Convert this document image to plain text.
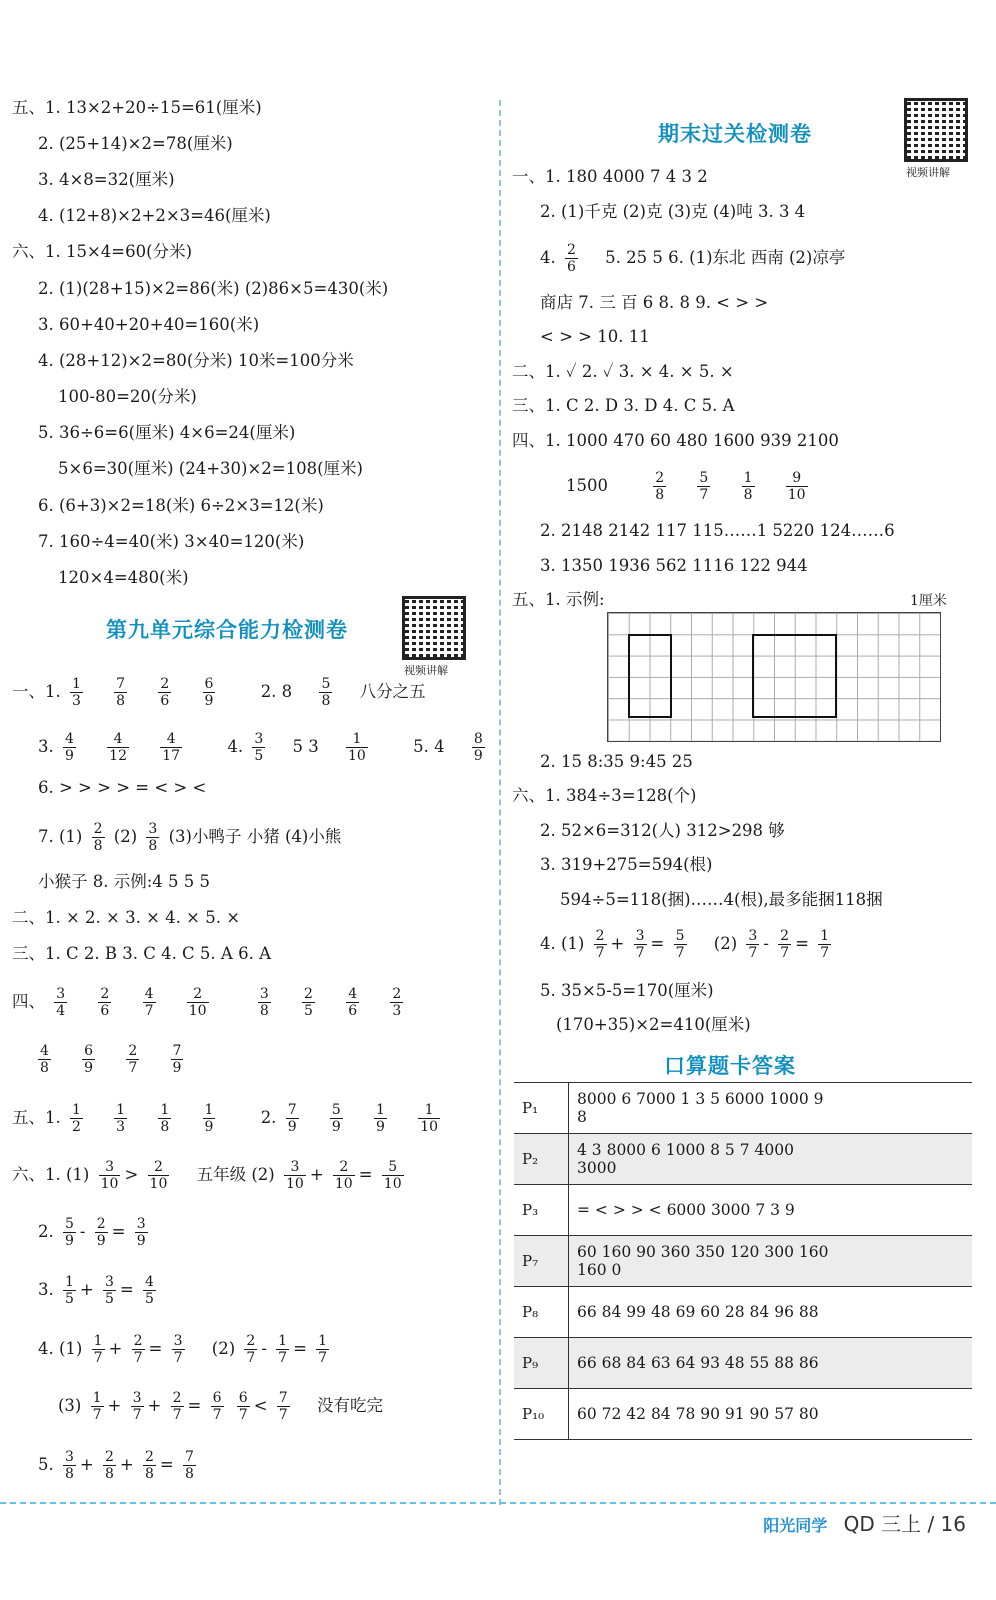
五、1. 13×2+20÷15=61(厘米)
2. (25+14)×2=78(厘米)
3. 4×8=32(厘米)
4. (12+8)×2+2×3=46(厘米)
六、1. 15×4=60(分米)
2. (1)(28+15)×2=86(米) (2)86×5=430(米)
3. 60+40+20+40=160(米)
4. (28+12)×2=80(分米) 10米=100分米
100-80=20(分米)
5. 36÷6=6(厘米) 4×6=24(厘米)
5×6=30(厘米) (24+30)×2=108(厘米)
6. (6+3)×2=18(米) 6÷2×3=12(米)
7. 160÷4=40(米) 3×40=120(米)
120×4=480(米)
第九单元综合能力检测卷
视频讲解
一、1. $\frac{1}{3}$
$\frac{7}{8}$
$\frac{2}{6}$
$\frac{6}{9}$	2. $8 \frac{5}{8}$ 八分之五
3. $\frac{4}{9}$
$\frac{4}{12}$
$\frac{4}{17}$	4. $\frac{3}{5} 5$ $3 \frac{1}{10}$	5. $4 \frac{8}{9}$
6. > > > > = < > <
7. $(1) \frac{2}{8} (2) \frac{3}{8} (3)$小鸭子 小猪 (4)小熊
小猴子 8. 示例:4 5 5 5
二、1. × 2. × 3. × 4. × 5. ×
三、1. C 2. B 3. C 4. C 5. A 6. A
四、 $\frac{3}{4}$
$\frac{2}{6}$
$\frac{4}{7}$
$\frac{2}{10}$
	$\frac{3}{8}$
$\frac{2}{5}$
$\frac{4}{6}$
$\frac{2}{3}$
$\frac{4}{8}$
$\frac{6}{9}$
$\frac{2}{7}$
$\frac{7}{9}$
五、1. $\frac{1}{2}$
$\frac{1}{3}$
$\frac{1}{8}$
$\frac{1}{9}$	2. $\frac{7}{9}$
$\frac{5}{9}$
$\frac{1}{9}$
$\frac{1}{10}$
六、1. $(1) \frac{3}{10} > \frac{2}{10}$ 五年级 $(2) \frac{3}{10} + \frac{2}{10} = \frac{5}{10}$
2. $\frac{5}{9} - \frac{2}{9} = \frac{3}{9}$
3. $\frac{1}{5} + \frac{3}{5} = \frac{4}{5}$
4. $(1) \frac{1}{7} + \frac{2}{7} = \frac{3}{7} (2) \frac{2}{7} - \frac{1}{7} = \frac{1}{7}$
$(3) \frac{1}{7} + \frac{3}{7} + \frac{2}{7} = \frac{6}{7}$
$\frac{6}{7} < \frac{7}{7}$ 没有吃完
5. $\frac{3}{8} + \frac{2}{8} + \frac{2}{8} = \frac{7}{8}$
期末过关检测卷
视频讲解
一、1. 180 4000 7 4 3 2
2. (1)千克 (2)克 (3)克 (4)吨 3. 3 4
4. $\frac{2}{6} 5$. 25 5 6. (1)东北 西南 (2)凉亭
商店 7. 三 百 6 8. 8 9. < > >
< > > 10. 11
二、1. ✓ 2. ✓ 3. × 4. × 5. ×
三、1. C 2. D 3. D 4. C 5. A
四、1. 1000 470 60 480 1600 939 2100
1500	$\frac{2}{8}$
$\frac{5}{7}$
$\frac{1}{8}$
$\frac{9}{10}$
2. 2148 2142 117 115……1 5220 124……6
3. 1350 1936 562 1116 122 944
五、1. 示例:	1厘米
2. 15 8:35 9:45 25
六、1. 384÷3=128(个)
2. 52×6=312(人) 312>298 够
3. 319+275=594(根)
594÷5=118(捆)……4(根),最多能捆118捆
4. $(1) \frac{2}{7} + \frac{3}{7} = \frac{5}{7} (2) \frac{3}{7} - \frac{2}{7} = \frac{1}{7}$
5. 35×5-5=170(厘米)
(170+35)×2=410(厘米)
口算题卡答案
P₁	8000 6 7000 1 3 5 6000 1000 9
8
P₂	4 3 8000 6 1000 8 5 7 4000
3000
P₃	= < > > < 6000 3000 7 3 9
P₇	60 160 90 360 350 120 300 160
160 0
P₈	66 84 99 48 69 60 28 84 96 88
P₉	66 68 84 63 64 93 48 55 88 86
P₁₀	60 72 42 84 78 90 91 90 57 80
阳光同学 QD 三上 / 16
